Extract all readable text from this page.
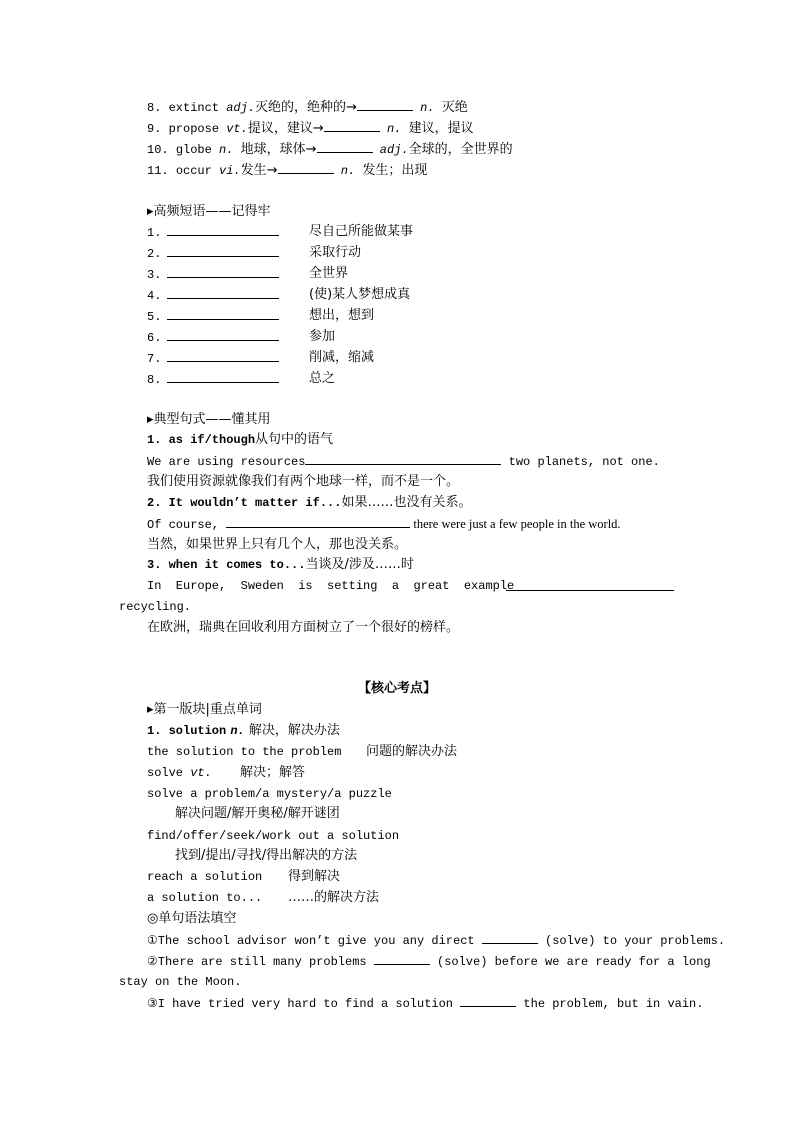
8. extinct adj.灭绝的，绝种的→	n. 灭绝
9. propose vt.提议，建议→	n. 建议，提议
10. globe n. 地球，球体→	adj.全球的，全世界的
11. occur vi.发生→	n. 发生；出现
▸高频短语——记得牢
1.	尽自己所能做某事
2.	采取行动
3.	全世界
4.	(使)某人梦想成真
5.	想出，想到
6.	参加
7.	削减，缩减
8.	总之
▸典型句式——懂其用
1. as if/though从句中的语气
We are using resources	two planets, not one.
我们使用资源就像我们有两个地球一样，而不是一个。
2. It wouldn’t matter if...如果……也没有关系。
Of course,	there were just a few people in the world.
当然，如果世界上只有几个人，那也没关系。
3. when it comes to...当谈及/涉及……时
In  Europe,  Sweden  is  setting  a  great  example
recycling.
在欧洲，瑞典在回收利用方面树立了一个很好的榜样。
【核心考点】
▸第一版块|重点单词
1. solution n. 解决，解决办法
the solution to the problem 问题的解决办法
solve vt. 解决；解答
solve a problem/a mystery/a puzzle
解决问题/解开奥秘/解开谜团
find/offer/seek/work out a solution
找到/提出/寻找/得出解决的方法
reach a solution 得到解决
a solution to... ……的解决方法
◎单句语法填空
①The school advisor won’t give you any direct	(solve) to your problems.
②There are still many problems	(solve) before we are ready for a long
stay on the Moon.
③I have tried very hard to find a solution	the problem, but in vain.
